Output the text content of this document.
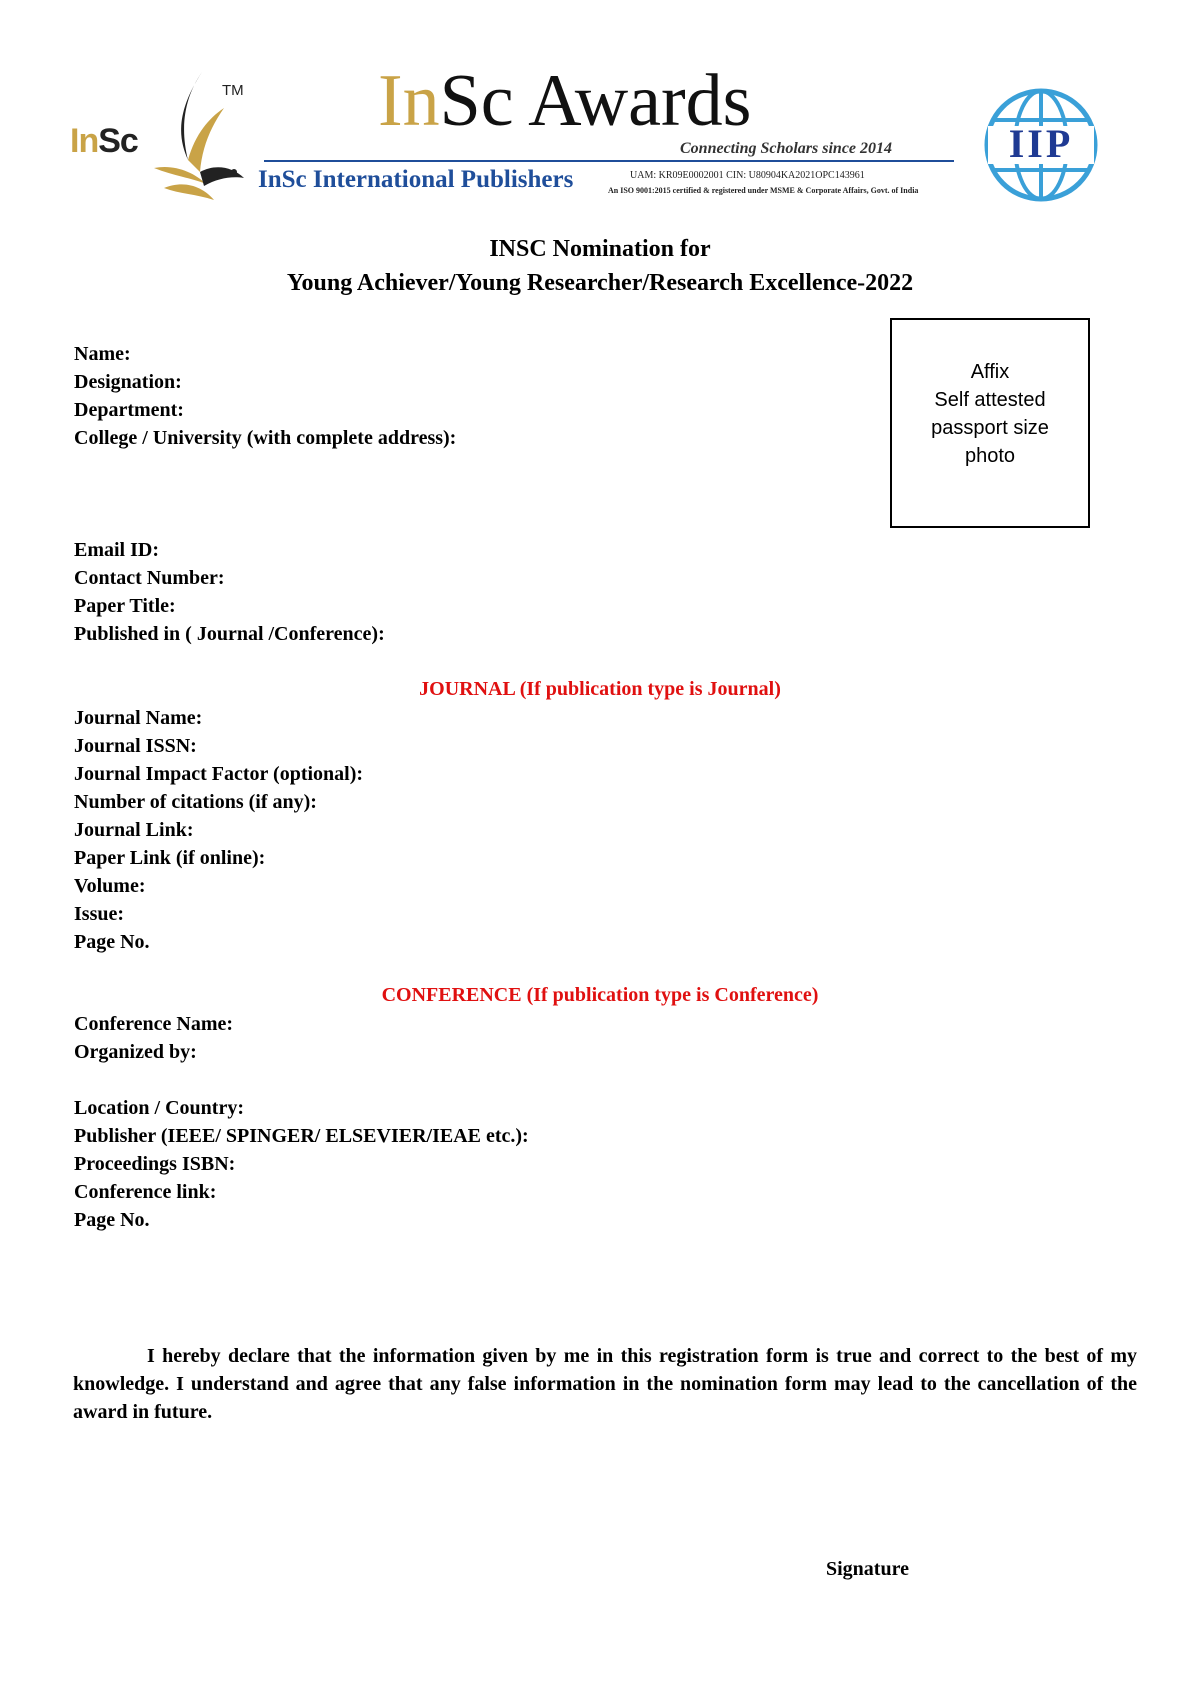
InSc
TM InSc Awards
Connecting Scholars since 2014
InSc International Publishers	UAM: KR09E0002001 CIN: U80904KA2021OPC143961
An ISO 9001:2015 certified & registered under MSME & Corporate Affairs, Govt. of India
IIP
INSC Nomination for
Young Achiever/Young Researcher/Research Excellence-2022
Affix
Self attested
passport size
photo
Name:
Designation:
Department:
College / University (with complete address):
Email ID:
Contact Number:
Paper Title:
Published in ( Journal /Conference):
JOURNAL (If publication type is Journal)
Journal Name:
Journal ISSN:
Journal Impact Factor (optional):
Number of citations (if any):
Journal Link:
Paper Link (if online):
Volume:
Issue:
Page No.
CONFERENCE (If publication type is Conference)
Conference Name:
Organized by:
Location / Country:
Publisher (IEEE/ SPINGER/ ELSEVIER/IEAE etc.):
Proceedings ISBN:
Conference link:
Page No.

I hereby declare that the information given by me in this registration form is true and correct to the best of my knowledge. I understand and agree that any false information in the nomination form may lead to the cancellation of the award in future.

Signature
